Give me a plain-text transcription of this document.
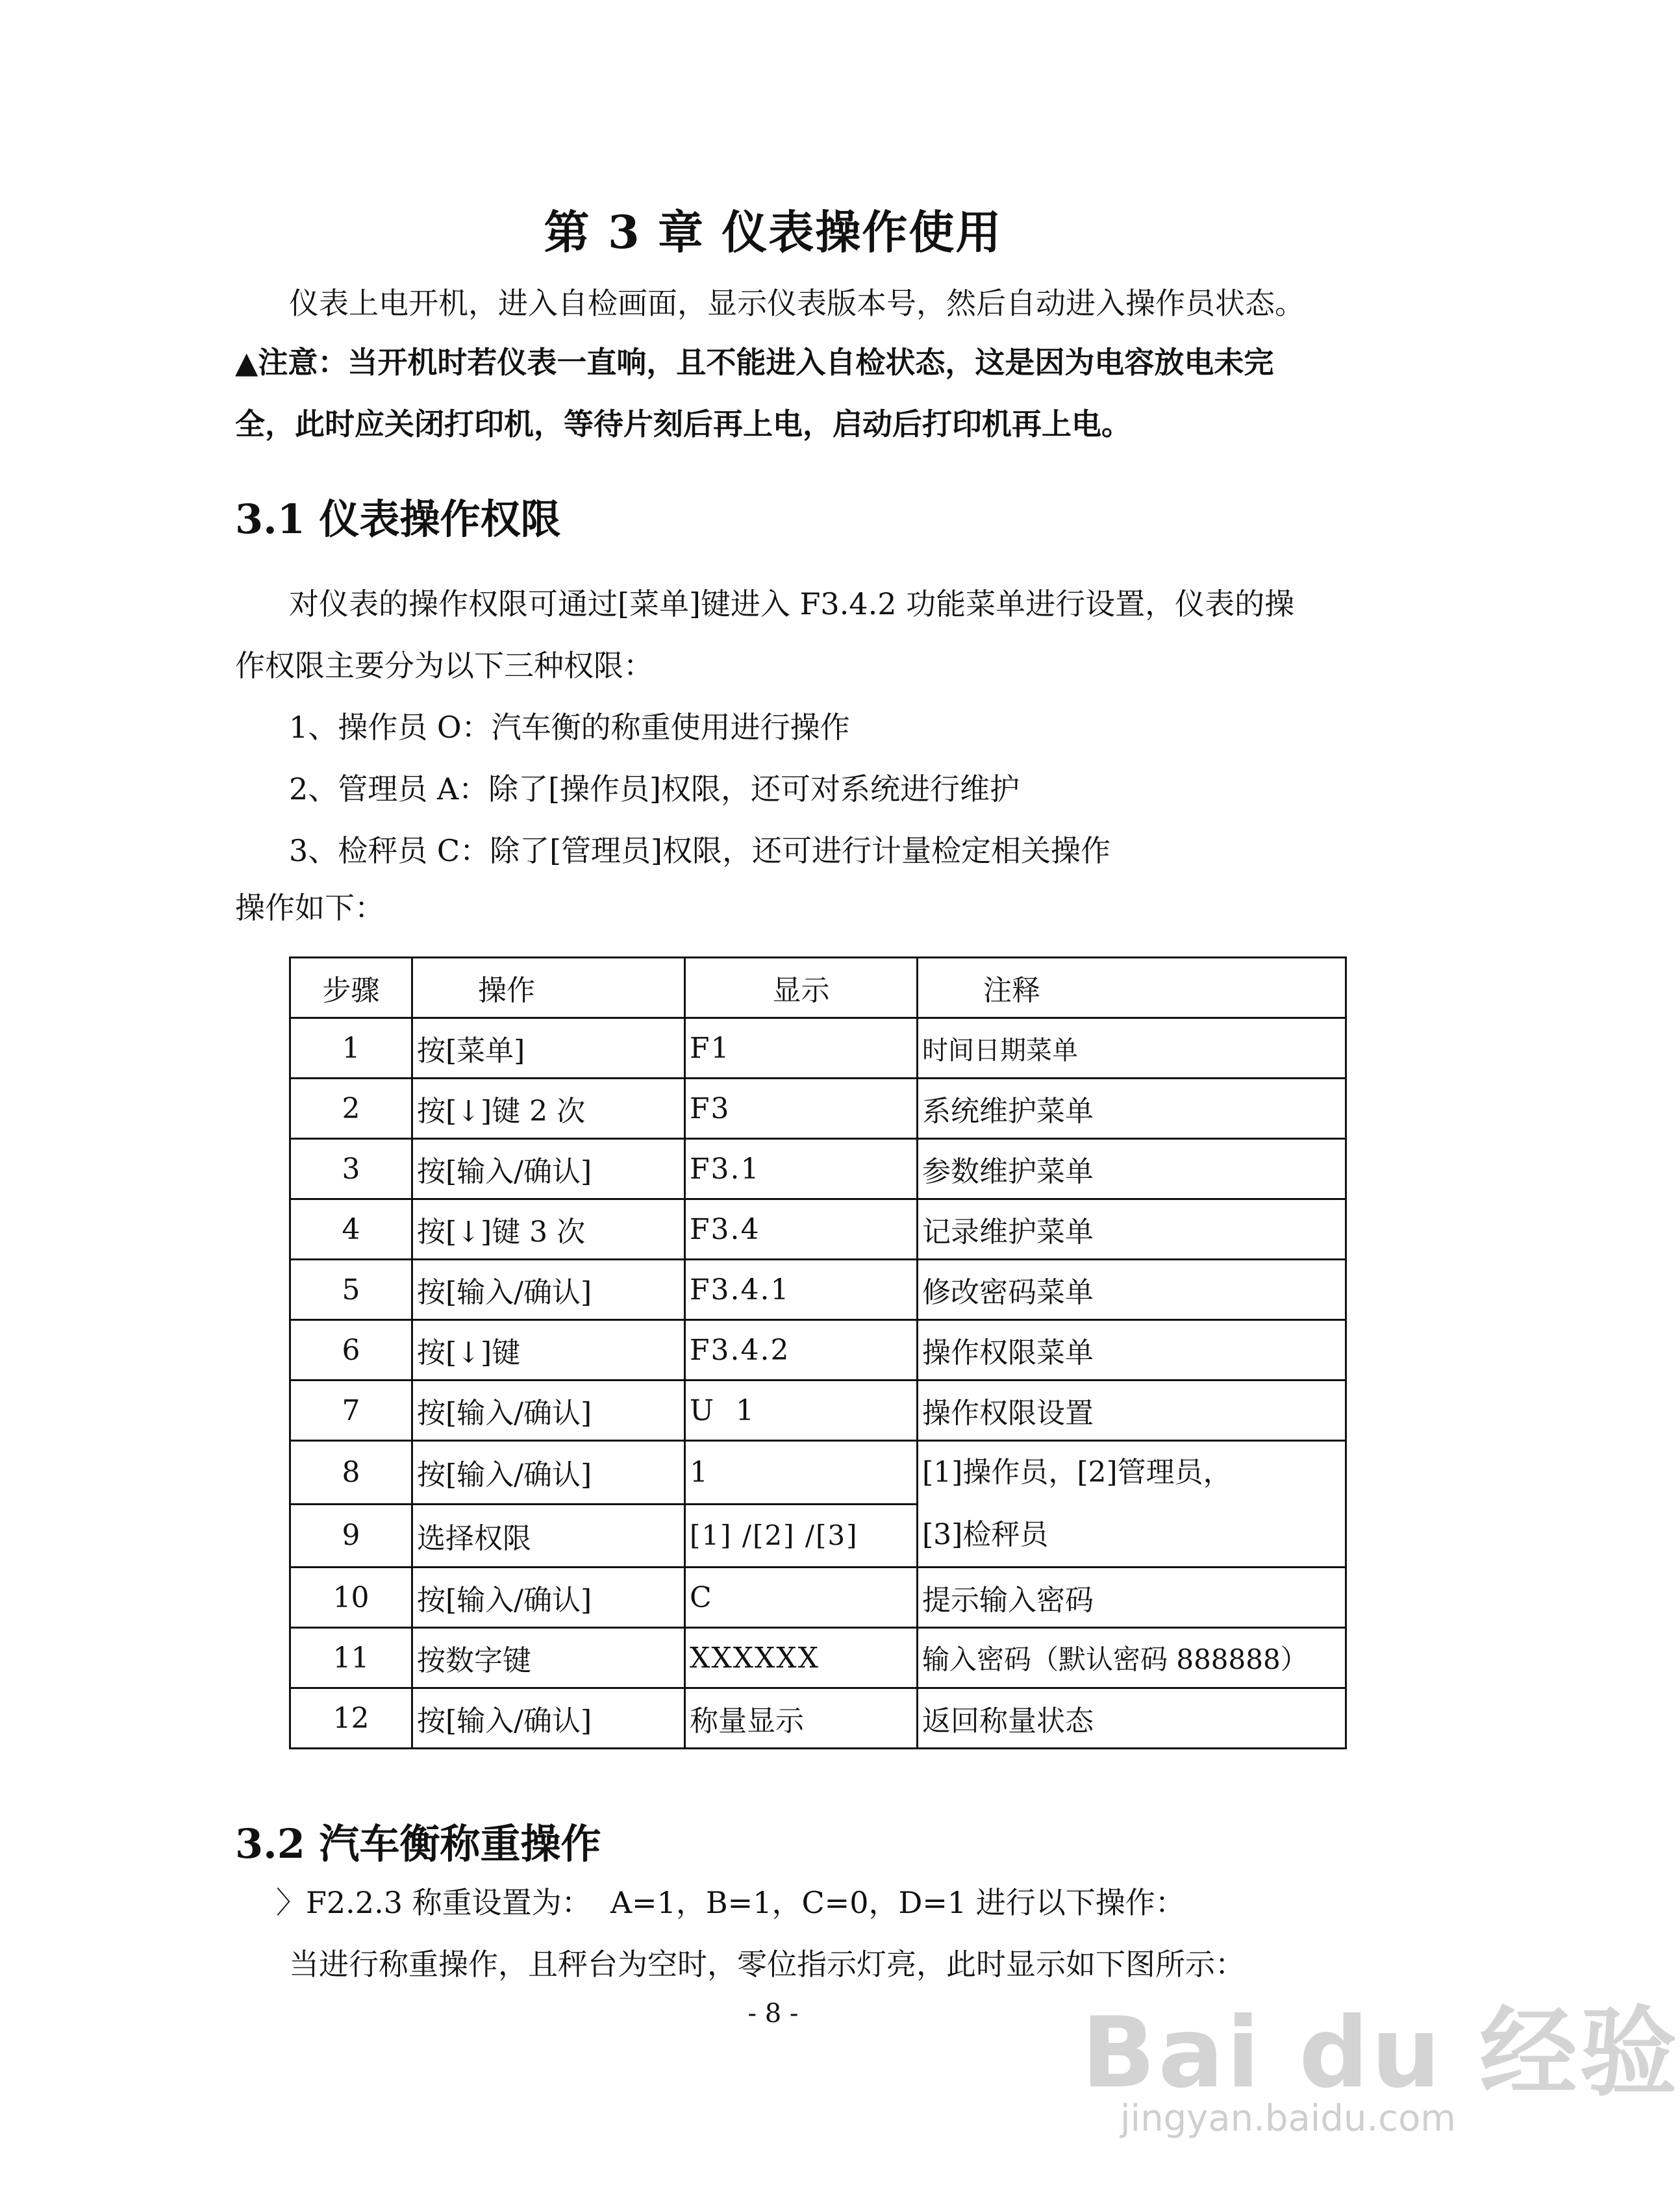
第 3 章 仪表操作使用
仪表上电开机，进入自检画面，显示仪表版本号，然后自动进入操作员状态。
▲注意：当开机时若仪表一直响，且不能进入自检状态，这是因为电容放电未完
全，此时应关闭打印机，等待片刻后再上电，启动后打印机再上电。
3.1 仪表操作权限
对仪表的操作权限可通过[菜单]键进入 F3.4.2 功能菜单进行设置，仪表的操
作权限主要分为以下三种权限：
1、操作员 O：汽车衡的称重使用进行操作
2、管理员 A：除了[操作员]权限，还可对系统进行维护
3、检秤员 C：除了[管理员]权限，还可进行计量检定相关操作
操作如下：
步骤	操作	显示	注释
1	按[菜单]	F1	时间日期菜单
2	按[↓]键 2 次	F3	系统维护菜单
3	按[输入/确认]	F3.1	参数维护菜单
4	按[↓]键 3 次	F3.4	记录维护菜单
5	按[输入/确认]	F3.4.1	修改密码菜单
6	按[↓]键	F3.4.2	操作权限菜单
7	按[输入/确认]	U  1	操作权限设置
8	按[输入/确认]	1	[1]操作员，[2]管理员，
[3]检秤员

9	选择权限	[1] /[2] /[3]	
10	按[输入/确认]	C	提示输入密码
11	按数字键	XXXXXX	输入密码（默认密码 888888）
12	按[输入/确认]	称量显示	返回称量状态
3.2 汽车衡称重操作
〉F2.2.3 称重设置为：  A=1，B=1，C=0，D=1 进行以下操作：
当进行称重操作，且秤台为空时，零位指示灯亮，此时显示如下图所示：
- 8 -	Bai du 经验
jingyan.baidu.com
